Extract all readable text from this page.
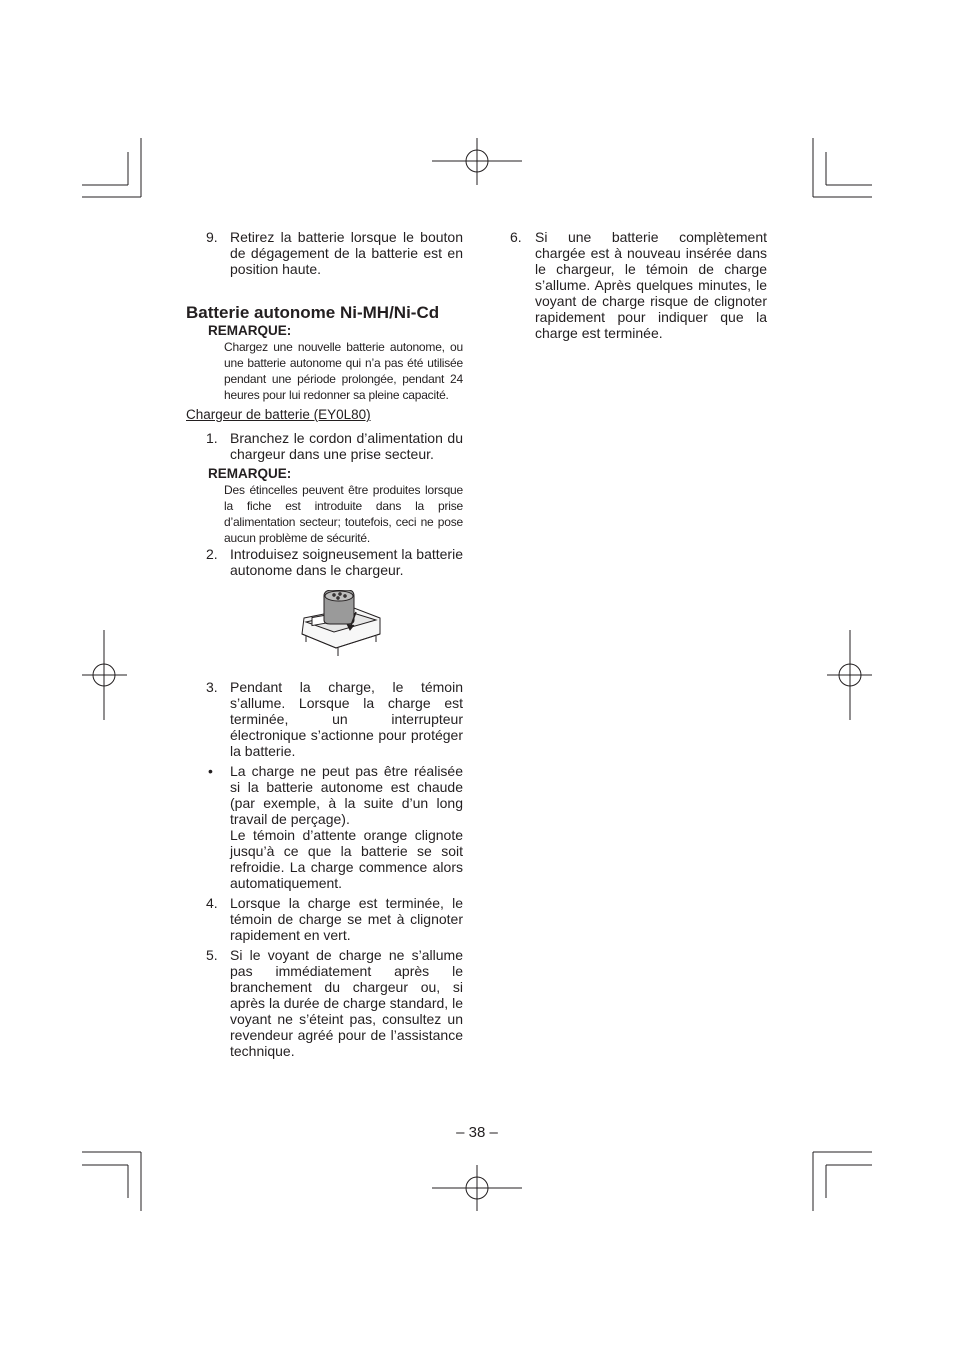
9. Retirez la batterie lorsque le bouton de dégagement de la batterie est en position haute.
Batterie autonome Ni-MH/Ni-Cd
REMARQUE:
Chargez une nouvelle batterie autonome, ou une batterie autonome qui n’a pas été utilisée pendant une période prolongée, pendant 24 heures pour lui redonner sa pleine capacité.
Chargeur de batterie (EY0L80)
1. Branchez le cordon d’alimentation du chargeur dans une prise secteur.
REMARQUE:
Des étincelles peuvent être produites lorsque la fiche est introduite dans la prise d’alimentation secteur; toutefois, ceci ne pose aucun problème de sécurité.
2. Introduisez soigneusement la batterie autonome dans le chargeur.
3. Pendant la charge, le témoin s’allume. Lorsque la charge est terminée, un interrupteur électronique s’actionne pour protéger la batterie.
• La charge ne peut pas être réalisée si la batterie autonome est chaude (par exemple, à la suite d’un long travail de perçage).
Le témoin d’attente orange clignote jusqu’à ce que la batterie se soit refroidie. La charge commence alors automatiquement.
4. Lorsque la charge est terminée, le témoin de charge se met à clignoter rapidement en vert.
5. Si le voyant de charge ne s’allume pas immédiatement après le branchement du chargeur ou, si après la durée de charge standard, le voyant ne s’éteint pas, consultez un revendeur agréé pour de l’assistance technique.
6. Si une batterie complètement chargée est à nouveau insérée dans le chargeur, le témoin de charge s’allume. Après quelques minutes, le voyant de charge risque de clignoter rapidement pour indiquer que la charge est terminée.
– 38 –
